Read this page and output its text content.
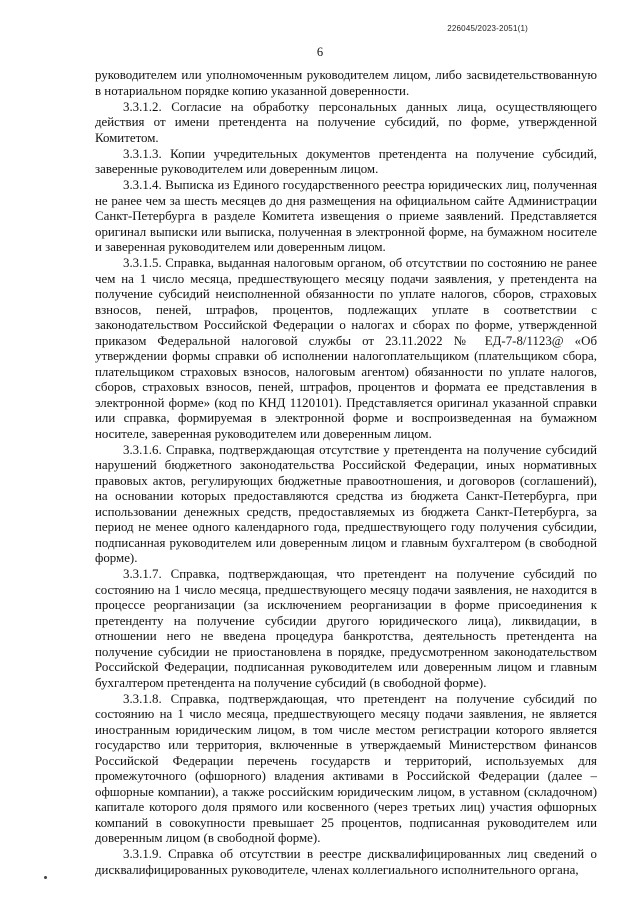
226045/2023-2051(1)
6

руководителем или уполномоченным руководителем лицом, либо засвидетельствованную в нотариальном порядке копию указанной доверенности.

3.3.1.2. Согласие на обработку персональных данных лица, осуществляющего действия от имени претендента на получение субсидий, по форме, утвержденной Комитетом.

3.3.1.3. Копии учредительных документов претендента на получение субсидий, заверенные руководителем или доверенным лицом.

3.3.1.4. Выписка из Единого государственного реестра юридических лиц, полученная не ранее чем за шесть месяцев до дня размещения на официальном сайте Администрации Санкт-Петербурга в разделе Комитета извещения о приеме заявлений. Представляется оригинал выписки или выписка, полученная в электронной форме, на бумажном носителе и заверенная руководителем или доверенным лицом.

3.3.1.5. Справка, выданная налоговым органом, об отсутствии по состоянию не ранее чем на 1 число месяца, предшествующего месяцу подачи заявления, у претендента на получение субсидий неисполненной обязанности по уплате налогов, сборов, страховых взносов, пеней, штрафов, процентов, подлежащих уплате в соответствии с законодательством Российской Федерации о налогах и сборах по форме, утвержденной приказом Федеральной налоговой службы от 23.11.2022 № ЕД-7-8/1123@ «Об утверждении формы справки об исполнении налогоплательщиком (плательщиком сбора, плательщиком страховых взносов, налоговым агентом) обязанности по уплате налогов, сборов, страховых взносов, пеней, штрафов, процентов и формата ее представления в электронной форме» (код по КНД 1120101). Представляется оригинал указанной справки или справка, формируемая в электронной форме и воспроизведенная на бумажном носителе, заверенная руководителем или доверенным лицом.

3.3.1.6. Справка, подтверждающая отсутствие у претендента на получение субсидий нарушений бюджетного законодательства Российской Федерации, иных нормативных правовых актов, регулирующих бюджетные правоотношения, и договоров (соглашений), на основании которых предоставляются средства из бюджета Санкт-Петербурга, при использовании денежных средств, предоставляемых из бюджета Санкт-Петербурга, за период не менее одного календарного года, предшествующего году получения субсидии, подписанная руководителем или доверенным лицом и главным бухгалтером (в свободной форме).

3.3.1.7. Справка, подтверждающая, что претендент на получение субсидий по состоянию на 1 число месяца, предшествующего месяцу подачи заявления, не находится в процессе реорганизации (за исключением реорганизации в форме присоединения к претенденту на получение субсидии другого юридического лица), ликвидации, в отношении него не введена процедура банкротства, деятельность претендента на получение субсидии не приостановлена в порядке, предусмотренном законодательством Российской Федерации, подписанная руководителем или доверенным лицом и главным бухгалтером претендента на получение субсидий (в свободной форме).

3.3.1.8. Справка, подтверждающая, что претендент на получение субсидий по состоянию на 1 число месяца, предшествующего месяцу подачи заявления, не является иностранным юридическим лицом, в том числе местом регистрации которого является государство или территория, включенные в утверждаемый Министерством финансов Российской Федерации перечень государств и территорий, используемых для промежуточного (офшорного) владения активами в Российской Федерации (далее – офшорные компании), а также российским юридическим лицом, в уставном (складочном) капитале которого доля прямого или косвенного (через третьих лиц) участия офшорных компаний в совокупности превышает 25 процентов, подписанная руководителем или доверенным лицом (в свободной форме).

3.3.1.9. Справка об отсутствии в реестре дисквалифицированных лиц сведений о дисквалифицированных руководителе, членах коллегиального исполнительного органа,
